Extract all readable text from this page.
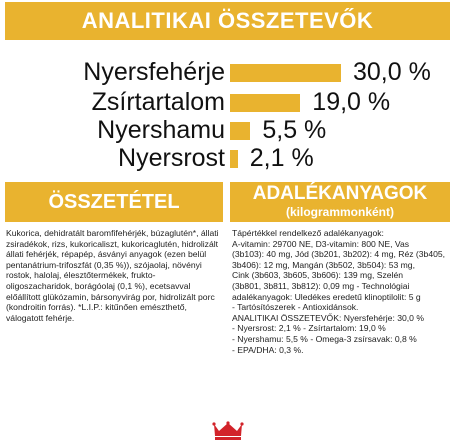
ANALITIKAI ÖSSZETEVŐK
Nyersfehérje	30,0 %
Zsírtartalom	19,0 %
Nyershamu 5,5 %
Nyersrost 2,1 %
ÖSSZETÉTEL	ADALÉKANYAGOK
(kilogrammonként)
Kukorica, dehidratált baromfifehérjék, búzaglutén*, állati zsiradékok, rizs, kukoricaliszt, kukoricaglutén, hidrolizált állati fehérjék, répapép, ásványi anyagok (ezen belül pentanátrium-trifoszfát (0,35 %)), szójaolaj, növényi rostok, halolaj, élesztőtermékek, frukto-oligoszacharidok, borágóolaj (0,1 %), ecetsavval előállított glükózamin, bársonyvirág por, hidrolizált porc (kondroitin forrás). *L.I.P.: kitűnően emészthető, válogatott fehérje.
Tápértékkel rendelkező adalékanyagok:
A-vitamin: 29700 NE, D3-vitamin: 800 NE, Vas
(3b103): 40 mg, Jód (3b201, 3b202): 4 mg, Réz (3b405,
3b406): 12 mg, Mangán (3b502, 3b504): 53 mg,
Cink (3b603, 3b605, 3b606): 139 mg, Szelén
(3b801, 3b811, 3b812): 0,09 mg - Technológiai
adalékanyagok: Uledékes eredetű klinoptilolit: 5 g
- Tartósítószerek - Antioxidánsok.
ANALITIKAI ÖSSZETEVŐK: Nyersfehérje: 30,0 %
- Nyersrost: 2,1 % - Zsírtartalom: 19,0 %
- Nyershamu: 5,5 % - Omega-3 zsírsavak: 0,8 %
- EPA/DHA: 0,3 %.
